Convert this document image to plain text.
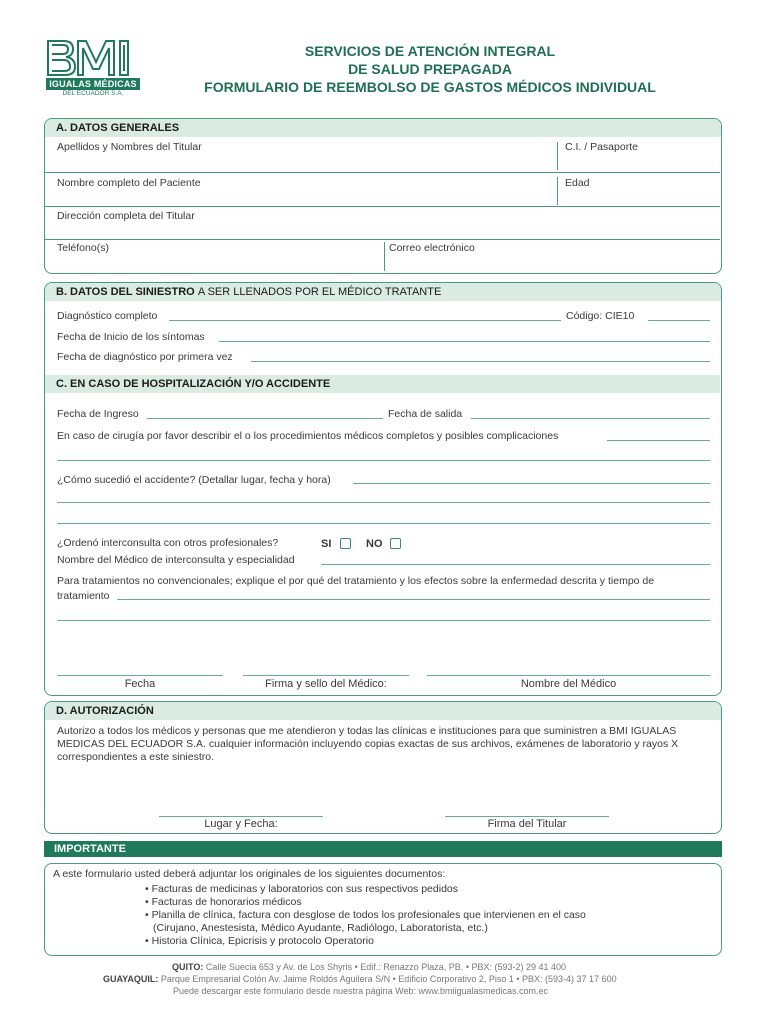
IGUALAS MÉDICAS
DEL ECUADOR S.A.
SERVICIOS DE ATENCIÓN INTEGRAL
DE SALUD PREPAGADA
FORMULARIO DE REEMBOLSO DE GASTOS MÉDICOS INDIVIDUAL
A. DATOS GENERALES
Apellidos y Nombres del Titular	C.I. / Pasaporte
Nombre completo del Paciente	Edad
Dirección completa del Titular
Teléfono(s)	Correo electrónico
B. DATOS DEL SINIESTRO A SER LLENADOS POR EL MÉDICO TRATANTE
Diagnóstico completo	Código: CIE10
Fecha de Inicio de los síntomas
Fecha de diagnóstico por primera vez
C. EN CASO DE HOSPITALIZACIÓN Y/O ACCIDENTE
Fecha de Ingreso	Fecha de salida
En caso de cirugía por favor describir el o los procedimientos médicos completos y posibles complicaciones
¿Cómo sucedió el accidente? (Detallar lugar, fecha y hora)
¿Ordenó interconsulta con otros profesionales?	SI	NO
Nombre del Médico de interconsulta y especialidad
Para tratamientos no convencionales; explique el por qué del tratamiento y los efectos sobre la enfermedad descrita y tiempo de
tratamiento
Fecha	Firma y sello del Médico:	Nombre del Médico
D. AUTORIZACIÓN
Autorizo a todos los médicos y personas que me atendieron y todas las clínicas e instituciones para que suministren a BMI IGUALAS
MEDICAS DEL ECUADOR S.A. cualquier información incluyendo copias exactas de sus archivos, exámenes de laboratorio y rayos X
correspondientes a este siniestro.
Lugar y Fecha:	Firma del Titular
IMPORTANTE
A este formulario usted deberá adjuntar los originales de los siguientes documentos:
• Facturas de medicinas y laboratorios con sus respectivos pedidos
• Facturas de honorarios médicos
• Planilla de clínica, factura con desglose de todos los profesionales que intervienen en el caso
(Cirujano, Anestesista, Médico Ayudante, Radiólogo, Laboratorista, etc.)
• Historia Clínica, Epicrisis y protocolo Operatorio
QUITO: Calle Suecia 653 y Av. de Los Shyris • Edif.: Renazzo Plaza, PB. • PBX: (593-2) 29 41 400
GUAYAQUIL: Parque Empresarial Colón Av. Jaime Roldós Aguilera S/N • Edificio Corporativo 2, Piso 1 • PBX: (593-4) 37 17 600
Puede descargar este formulario desde nuestra página Web: www.bmiigualasmedicas.com.ec
